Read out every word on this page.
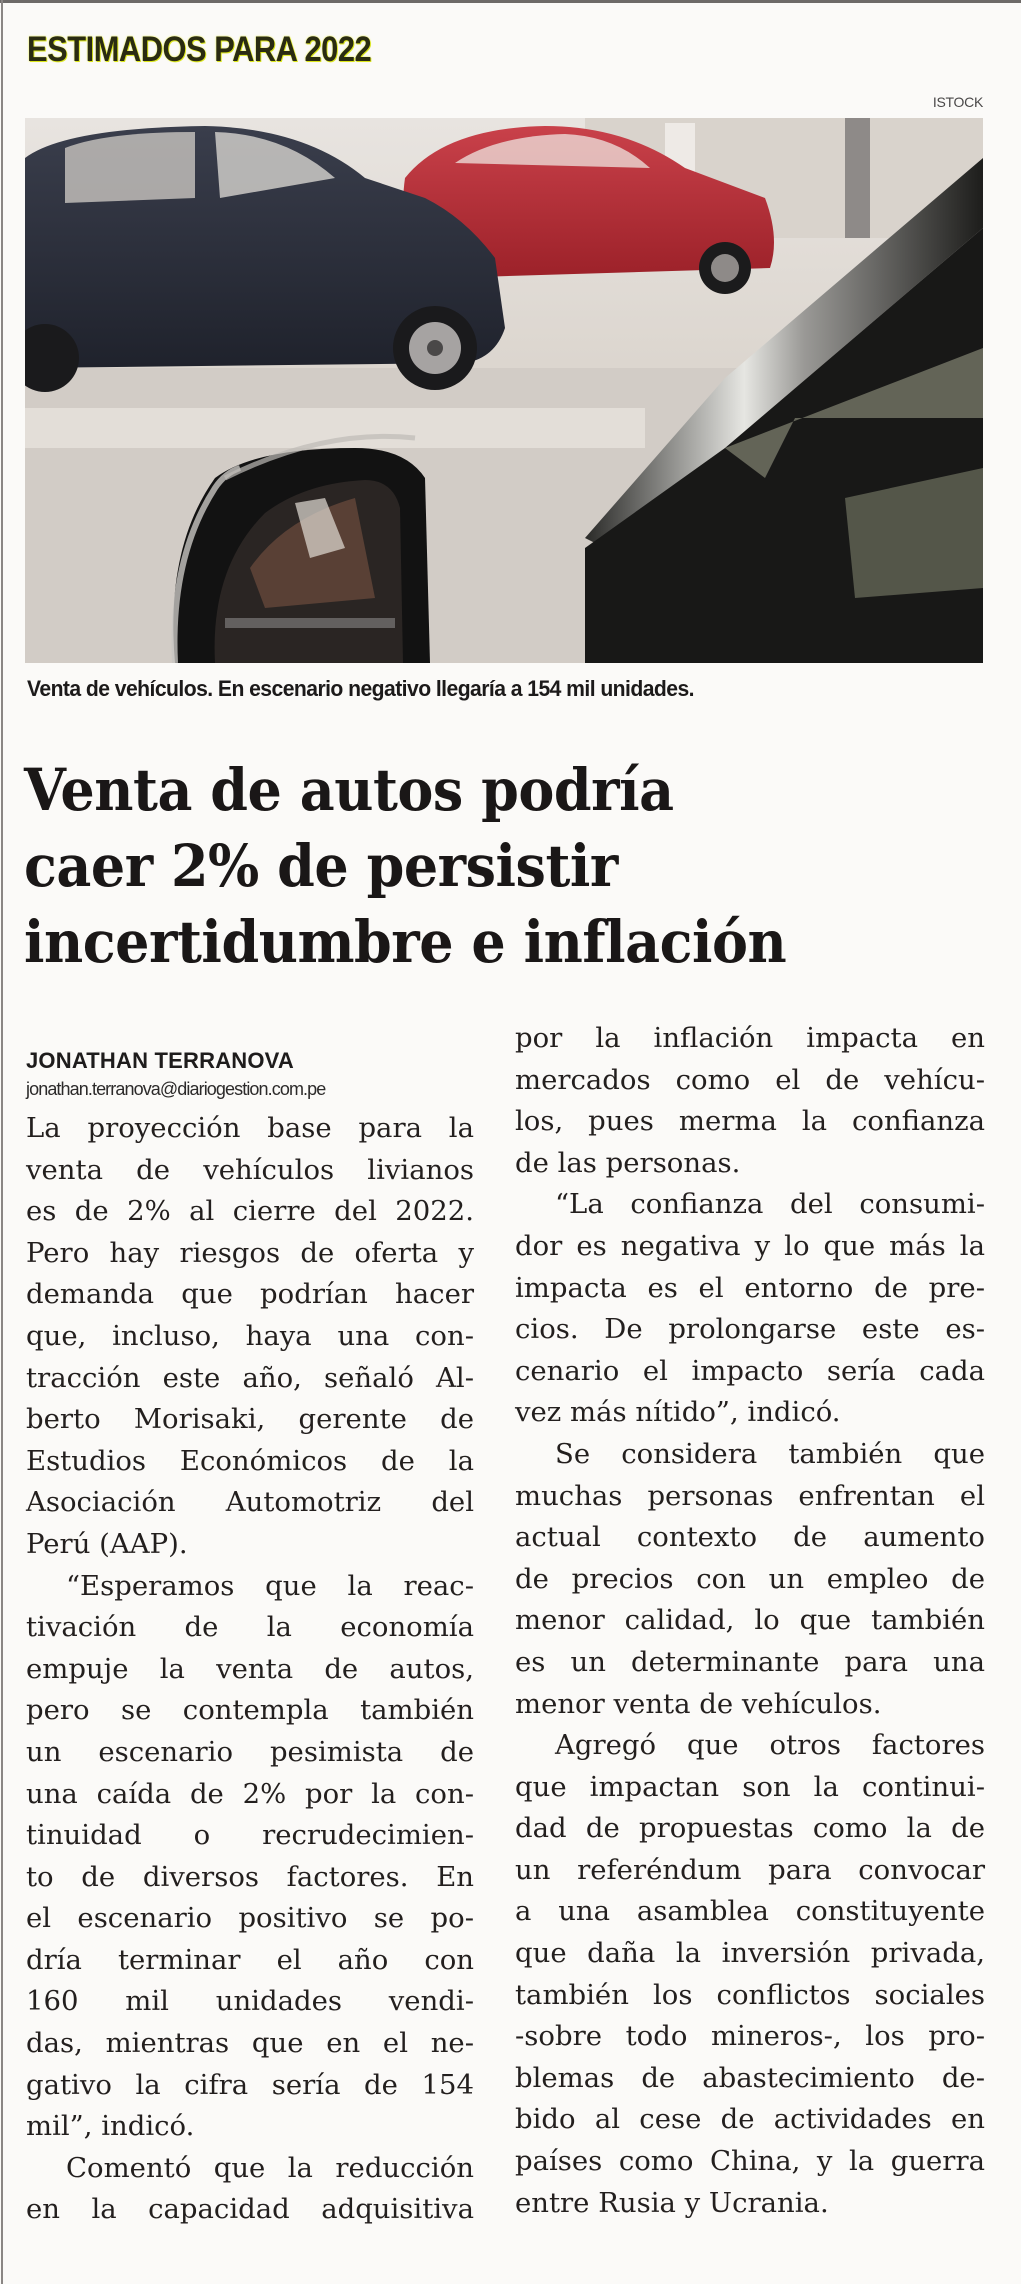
ESTIMADOS PARA 2022
ISTOCK
Venta de vehículos. En escenario negativo llegaría a 154 mil unidades.
Venta de autos podría
caer 2% de persistir
incertidumbre e inflación
JONATHAN TERRANOVA
jonathan.terranova@diariogestion.com.pe
La proyección base para la
venta de vehículos livianos
es de 2% al cierre del 2022.
Pero hay riesgos de oferta y
demanda que podrían hacer
que, incluso, haya una con-
tracción este año, señaló Al-
berto Morisaki, gerente de
Estudios Económicos de la
Asociación Automotriz del
Perú (AAP).
“Esperamos que la reac-
tivación de la economía
empuje la venta de autos,
pero se contempla también
un escenario pesimista de
una caída de 2% por la con-
tinuidad o recrudecimien-
to de diversos factores. En
el escenario positivo se po-
dría terminar el año con
160 mil unidades vendi-
das, mientras que en el ne-
gativo la cifra sería de 154
mil”, indicó.
Comentó que la reducción
en la capacidad adquisitiva
por la inflación impacta en
mercados como el de vehícu-
los, pues merma la confianza
de las personas.
“La confianza del consumi-
dor es negativa y lo que más la
impacta es el entorno de pre-
cios. De prolongarse este es-
cenario el impacto sería cada
vez más nítido”, indicó.
Se considera también que
muchas personas enfrentan el
actual contexto de aumento
de precios con un empleo de
menor calidad, lo que también
es un determinante para una
menor venta de vehículos.
Agregó que otros factores
que impactan son la continui-
dad de propuestas como la de
un referéndum para convocar
a una asamblea constituyente
que daña la inversión privada,
también los conflictos sociales
-sobre todo mineros-, los pro-
blemas de abastecimiento de-
bido al cese de actividades en
países como China, y la guerra
entre Rusia y Ucrania.
